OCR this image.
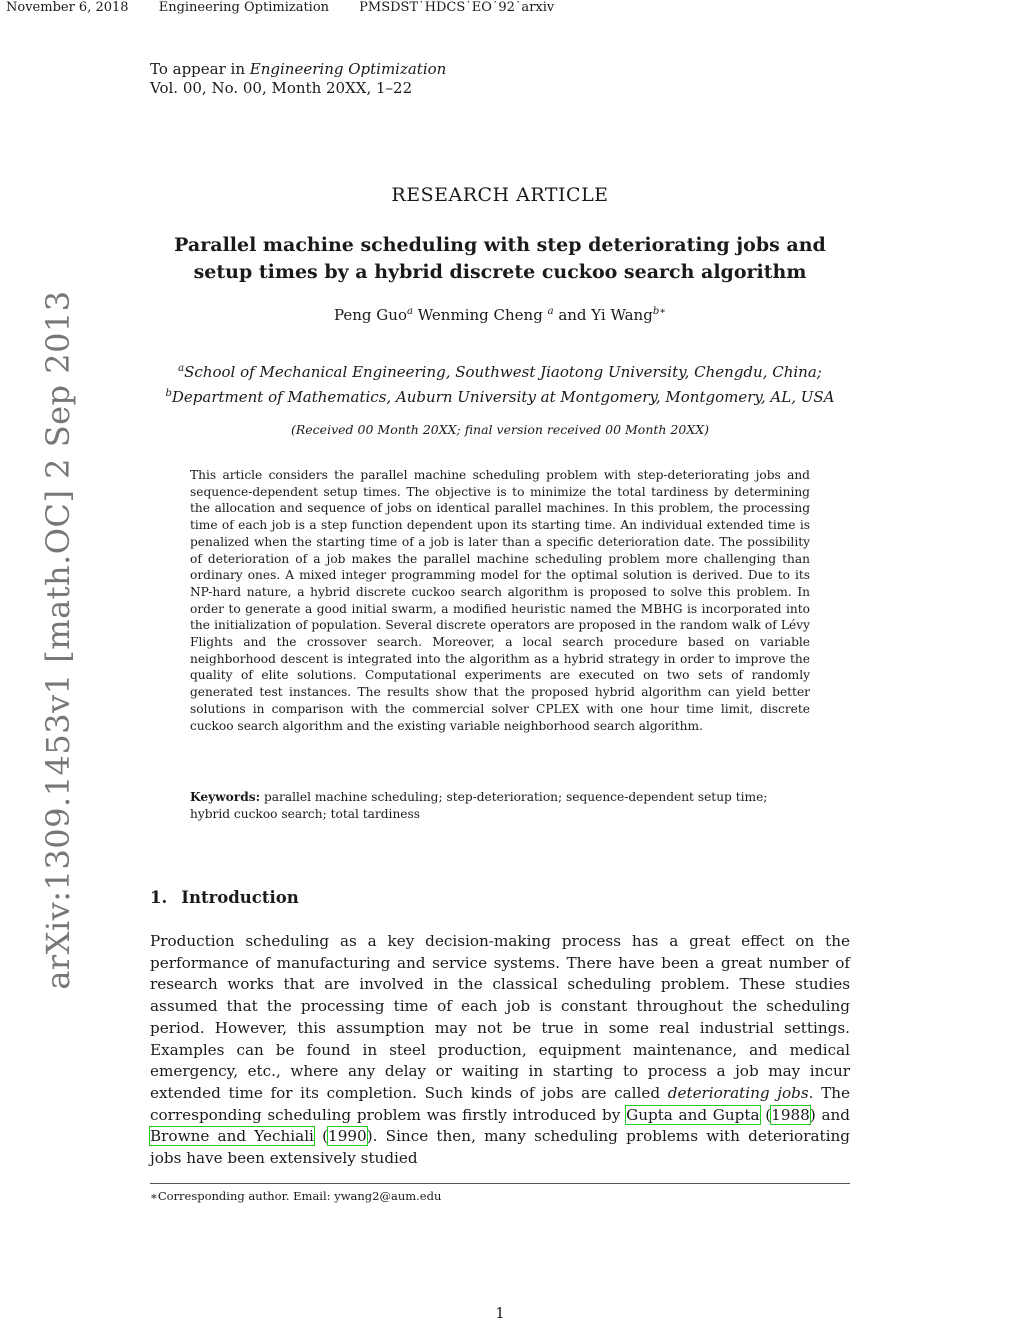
November 6, 2018 Engineering Optimization PMSDST˙HDCS˙EO˙92˙arxiv
To appear in Engineering Optimization
Vol. 00, No. 00, Month 20XX, 1–22
arXiv:1309.1453v1 [math.OC] 2 Sep 2013
RESEARCH ARTICLE
Parallel machine scheduling with step deteriorating jobs and setup times by a hybrid discrete cuckoo search algorithm
Peng Guo$^a$ Wenming Cheng $^a$ and Yi Wang$^{b∗}$
$^a$School of Mechanical Engineering, Southwest Jiaotong University, Chengdu, China;
$^b$Department of Mathematics, Auburn University at Montgomery, Montgomery, AL, USA
(Received 00 Month 20XX; final version received 00 Month 20XX)

This article considers the parallel machine scheduling problem with step-deteriorating jobs and sequence-dependent setup times. The objective is to minimize the total tardiness by determining the allocation and sequence of jobs on identical parallel machines. In this problem, the processing time of each job is a step function dependent upon its starting time. An individual extended time is penalized when the starting time of a job is later than a specific deterioration date. The possibility of deterioration of a job makes the parallel machine scheduling problem more challenging than ordinary ones. A mixed integer programming model for the optimal solution is derived. Due to its NP-hard nature, a hybrid discrete cuckoo search algorithm is proposed to solve this problem. In order to generate a good initial swarm, a modified heuristic named the MBHG is incorporated into the initialization of population. Several discrete operators are proposed in the random walk of Lévy Flights and the crossover search. Moreover, a local search procedure based on variable neighborhood descent is integrated into the algorithm as a hybrid strategy in order to improve the quality of elite solutions. Computational experiments are executed on two sets of randomly generated test instances. The results show that the proposed hybrid algorithm can yield better solutions in comparison with the commercial solver CPLEX with one hour time limit, discrete cuckoo search algorithm and the existing variable neighborhood search algorithm.

Keywords: parallel machine scheduling; step-deterioration; sequence-dependent setup time; hybrid cuckoo search; total tardiness
1. Introduction

Production scheduling as a key decision-making process has a great effect on the performance of manufacturing and service systems. There have been a great number of research works that are involved in the classical scheduling problem. These studies assumed that the processing time of each job is constant throughout the scheduling period. However, this assumption may not be true in some real industrial settings. Examples can be found in steel production, equipment maintenance, and medical emergency, etc., where any delay or waiting in starting to process a job may incur extended time for its completion. Such kinds of jobs are called deteriorating jobs. The corresponding scheduling problem was firstly introduced by Gupta and Gupta (1988) and Browne and Yechiali (1990). Since then, many scheduling problems with deteriorating jobs have been extensively studied

∗Corresponding author. Email: ywang2@aum.edu
1
